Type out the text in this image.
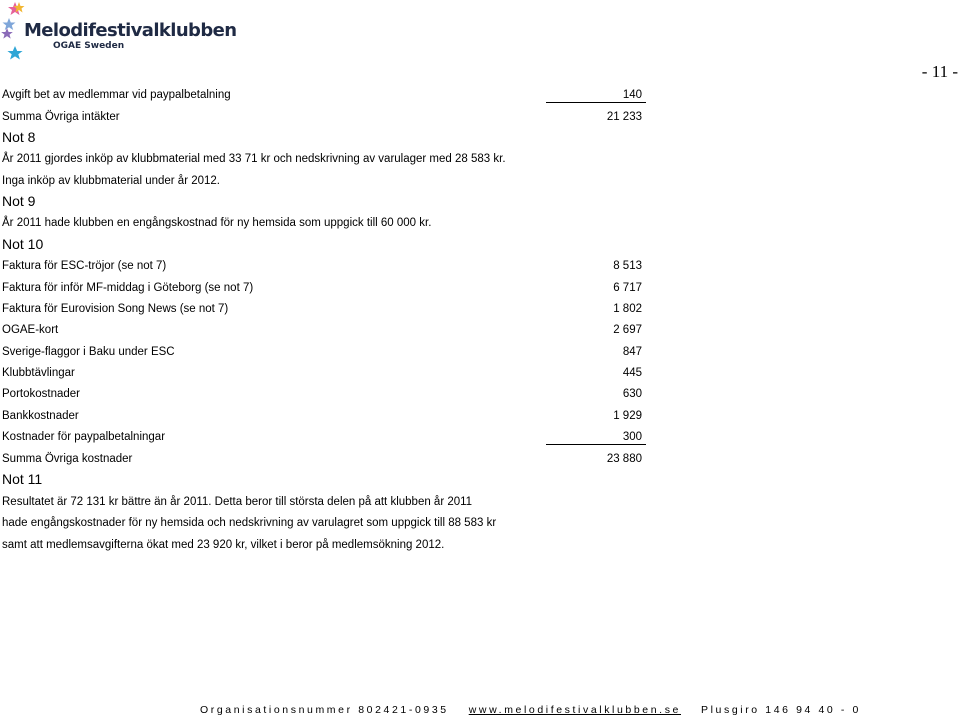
Melodifestivalklubben
OGAE Sweden
- 11 -
Avgift bet av medlemmar vid paypalbetalning	140
Summa Övriga intäkter	21 233
Not 8
År 2011 gjordes inköp av klubbmaterial med 33 71 kr och nedskrivning av varulager med 28 583 kr.
Inga inköp av klubbmaterial under år 2012.
Not 9
År 2011 hade klubben en engångskostnad för ny hemsida som uppgick till 60 000 kr.
Not 10
Faktura för ESC-tröjor (se not 7)	8 513
Faktura för inför MF-middag i Göteborg (se not 7)	6 717
Faktura för Eurovision Song News (se not 7)	1 802
OGAE-kort	2 697
Sverige-flaggor i Baku under ESC	847
Klubbtävlingar	445
Portokostnader	630
Bankkostnader	1 929
Kostnader för paypalbetalningar	300
Summa Övriga kostnader	23 880
Not 11
Resultatet är 72 131 kr bättre än år 2011. Detta beror till största delen på att klubben år 2011
hade engångskostnader för ny hemsida och nedskrivning av varulagret som uppgick till 88 583 kr
samt att medlemsavgifterna ökat med 23 920 kr, vilket i beror på medlemsökning 2012.
Organisationsnummer 802421-0935 www.melodifestivalklubben.se Plusgiro 146 94 40 - 0
